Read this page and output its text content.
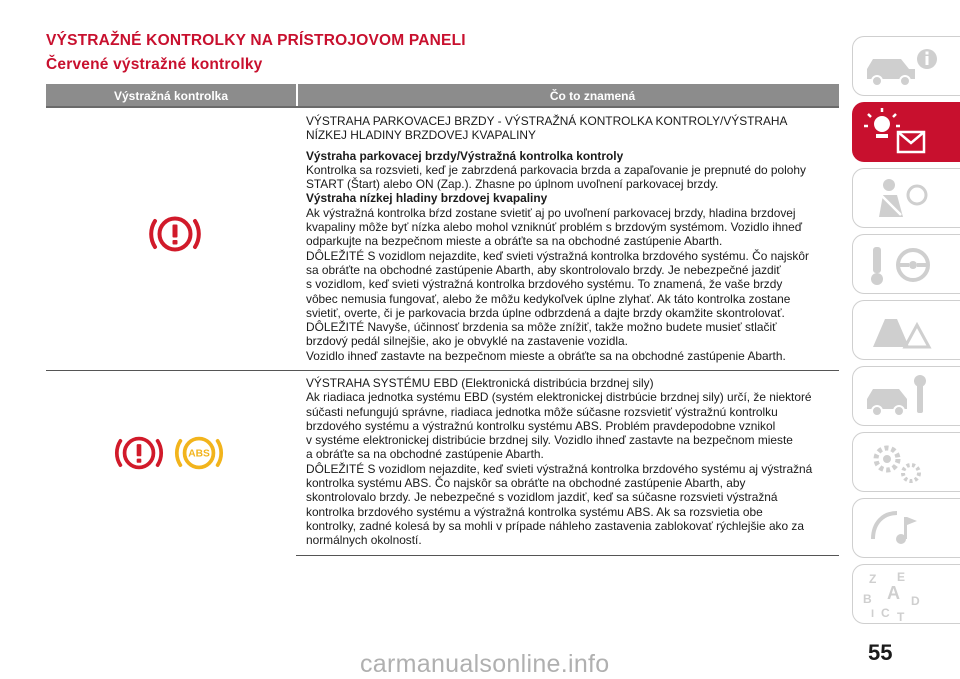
VÝSTRAŽNÉ KONTROLKY NA PRÍSTROJOVOM PANELI
Červené výstražné kontrolky
Výstražná kontrolka	Čo to znamená

VÝSTRAHA PARKOVACEJ BRZDY - VÝSTRAŽNÁ KONTROLKA KONTROLY/VÝSTRAHA

NÍZKEJ HLADINY BRZDOVEJ KVAPALINY

Výstraha parkovacej brzdy/Výstražná kontrolka kontroly

Kontrolka sa rozsvieti, keď je zabrzdená parkovacia brzda a zapaľovanie je prepnuté do polohy

START (Štart) alebo ON (Zap.). Zhasne po úplnom uvoľnení parkovacej brzdy.

Výstraha nízkej hladiny brzdovej kvapaliny

Ak výstražná kontrolka bŕzd zostane svietiť aj po uvoľnení parkovacej brzdy, hladina brzdovej

kvapaliny môže byť nízka alebo mohol vzniknúť problém s brzdovým systémom. Vozidlo ihneď

odparkujte na bezpečnom mieste a obráťte sa na obchodné zastúpenie Abarth.

DÔLEŽITÉ S vozidlom nejazdite, keď svieti výstražná kontrolka brzdového systému. Čo najskôr

sa obráťte na obchodné zastúpenie Abarth, aby skontrolovalo brzdy. Je nebezpečné jazdiť

s vozidlom, keď svieti výstražná kontrolka brzdového systému. To znamená, že vaše brzdy

vôbec nemusia fungovať, alebo že môžu kedykoľvek úplne zlyhať. Ak táto kontrolka zostane

svietiť, overte, či je parkovacia brzda úplne odbrzdená a dajte brzdy okamžite skontrolovať.

DÔLEŽITÉ Navyše, účinnosť brzdenia sa môže znížiť, takže možno budete musieť stlačiť

brzdový pedál silnejšie, ako je obvyklé na zastavenie vozidla.

Vozidlo ihneď zastavte na bezpečnom mieste a obráťte sa na obchodné zastúpenie Abarth.

ABS

VÝSTRAHA SYSTÉMU EBD (Elektronická distribúcia brzdnej sily)

Ak riadiaca jednotka systému EBD (systém elektronickej distrbúcie brzdnej sily) určí, že niektoré

súčasti nefungujú správne, riadiaca jednotka môže súčasne rozsvietiť výstražnú kontrolku

brzdového systému a výstražnú kontrolku systému ABS. Problém pravdepodobne vznikol

v systéme elektronickej distribúcie brzdnej sily. Vozidlo ihneď zastavte na bezpečnom mieste

a obráťte sa na obchodné zastúpenie Abarth.

DÔLEŽITÉ S vozidlom nejazdite, keď svieti výstražná kontrolka brzdového systému aj výstražná

kontrolka systému ABS. Čo najskôr sa obráťte na obchodné zastúpenie Abarth, aby

skontrolovalo brzdy. Je nebezpečné s vozidlom jazdiť, keď sa súčasne rozsvieti výstražná

kontrolka brzdového systému a výstražná kontrolka systému ABS. Ak sa rozsvietia obe

kontrolky, zadné kolesá by sa mohli v prípade náhleho zastavenia zablokovať rýchlejšie ako za

normálnych okolností.

Z E
A
B	D
I C T
55
carmanualsonline.info
